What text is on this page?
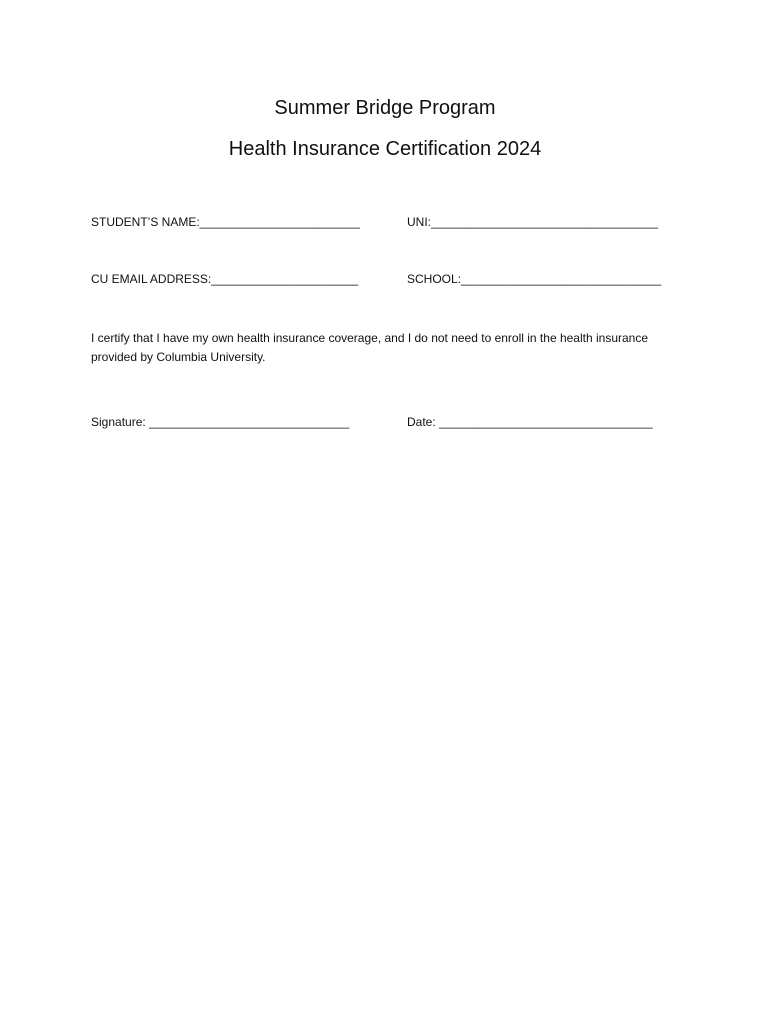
Summer Bridge Program
Health Insurance Certification 2024
STUDENT’S NAME:________________________	UNI:__________________________________
CU EMAIL ADDRESS:______________________	SCHOOL:______________________________
I certify that I have my own health insurance coverage, and I do not need to enroll in the health insurance provided by Columbia University.
Signature: ______________________________	Date: ________________________________
